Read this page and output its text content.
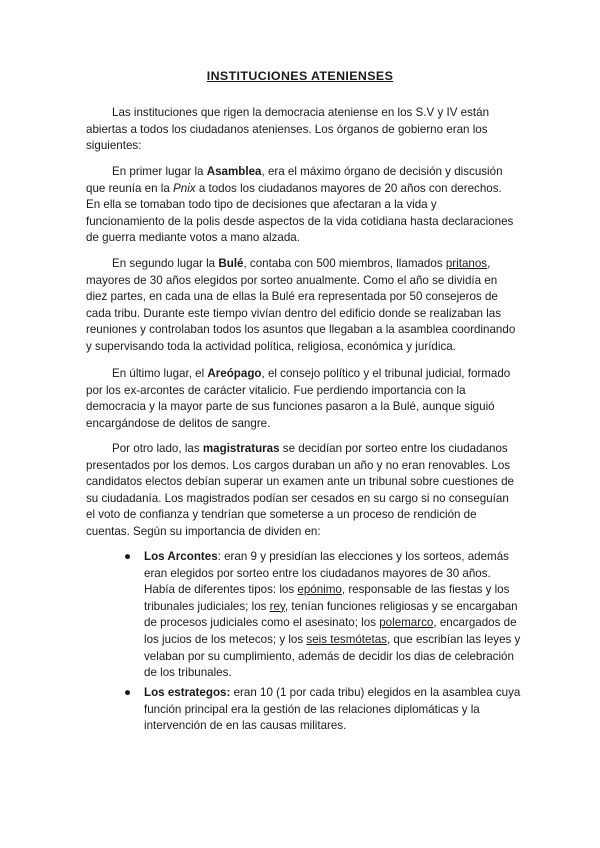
INSTITUCIONES ATENIENSES

Las instituciones que rigen la democracia ateniense en los S.V y IV están abiertas a todos los ciudadanos atenienses. Los órganos de gobierno eran los siguientes:

En primer lugar la Asamblea, era el máximo órgano de decisión y discusión que reunía en la Pnix a todos los ciudadanos mayores de 20 años con derechos. En ella se tomaban todo tipo de decisiones que afectaran a la vida y funcionamiento de la polis desde aspectos de la vida cotidiana hasta declaraciones de guerra mediante votos a mano alzada.

En segundo lugar la Bulé, contaba con 500 miembros, llamados pritanos, mayores de 30 años elegidos por sorteo anualmente. Como el año se dividía en diez partes, en cada una de ellas la Bulé era representada por 50 consejeros de cada tribu. Durante este tiempo vivían dentro del edificio donde se realizaban las reuniones y controlaban todos los asuntos que llegaban a la asamblea coordinando y supervisando toda la actividad política, religiosa, económica y jurídica.

En último lugar, el Areópago, el consejo político y el tribunal judicial, formado por los ex-arcontes de carácter vitalicio. Fue perdiendo importancia con la democracia y la mayor parte de sus funciones pasaron a la Bulé, aunque siguió encargándose de delitos de sangre.

Por otro lado, las magistraturas se decidían por sorteo entre los ciudadanos presentados por los demos. Los cargos duraban un año y no eran renovables. Los candidatos electos debían superar un examen ante un tribunal sobre cuestiones de su ciudadanía. Los magistrados podían ser cesados en su cargo si no conseguían el voto de confianza y tendrían que someterse a un proceso de rendición de cuentas. Según su importancia de dividen en:

● Los Arcontes: eran 9 y presidían las elecciones y los sorteos, además eran elegidos por sorteo entre los ciudadanos mayores de 30 años. Había de diferentes tipos: los epónimo, responsable de las fiestas y los tribunales judiciales; los rey, tenían funciones religiosas y se encargaban de procesos judiciales como el asesinato; los polemarco, encargados de los jucios de los metecos; y los seis tesmótetas, que escribían las leyes y velaban por su cumplimiento, además de decidir los dias de celebración de los tribunales.
● Los estrategos: eran 10 (1 por cada tribu) elegidos en la asamblea cuya función principal era la gestión de las relaciones diplomáticas y la intervención de en las causas militares.
